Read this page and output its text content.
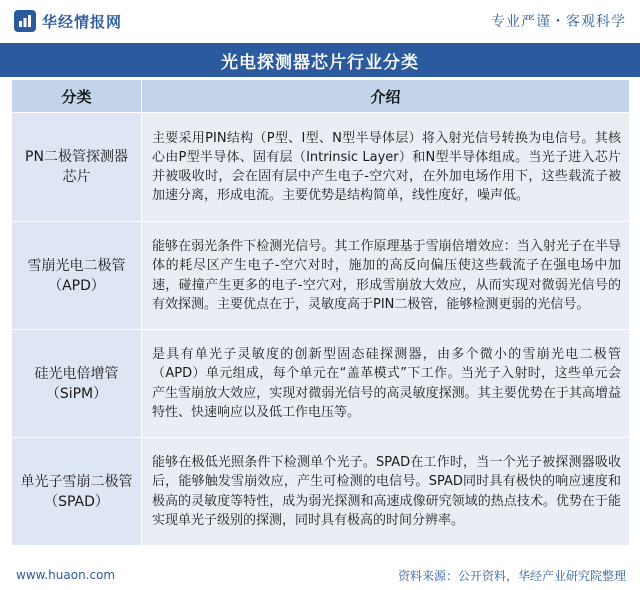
华经情报网	专业严谨・客观科学
光电探测器芯片行业分类
分类	介绍
PN二极管探测器芯片	主要采用PIN结构（P型、I型、N型半导体层）将入射光信号转换为电信号。其核心由P型半导体、固有层（Intrinsic Layer）和N型半导体组成。当光子进入芯片并被吸收时，会在固有层中产生电子-空穴对，在外加电场作用下，这些载流子被加速分离，形成电流。主要优势是结构简单，线性度好，噪声低。
雪崩光电二极管（APD）	能够在弱光条件下检测光信号。其工作原理基于雪崩倍增效应：当入射光子在半导体的耗尽区产生电子-空穴对时，施加的高反向偏压使这些载流子在强电场中加速，碰撞产生更多的电子-空穴对，形成雪崩放大效应，从而实现对微弱光信号的有效探测。主要优点在于，灵敏度高于PIN二极管，能够检测更弱的光信号。
硅光电倍增管（SiPM）	是具有单光子灵敏度的创新型固态硅探测器，由多个微小的雪崩光电二极管（APD）单元组成，每个单元在“盖革模式”下工作。当光子入射时，这些单元会产生雪崩放大效应，实现对微弱光信号的高灵敏度探测。其主要优势在于其高增益特性、快速响应以及低工作电压等。
单光子雪崩二极管（SPAD）	能够在极低光照条件下检测单个光子。SPAD在工作时，当一个光子被探测器吸收后，能够触发雪崩效应，产生可检测的电信号。SPAD同时具有极快的响应速度和极高的灵敏度等特性，成为弱光探测和高速成像研究领域的热点技术。优势在于能实现单光子级别的探测，同时具有极高的时间分辨率。
www.huaon.com	资料来源：公开资料，华经产业研究院整理
